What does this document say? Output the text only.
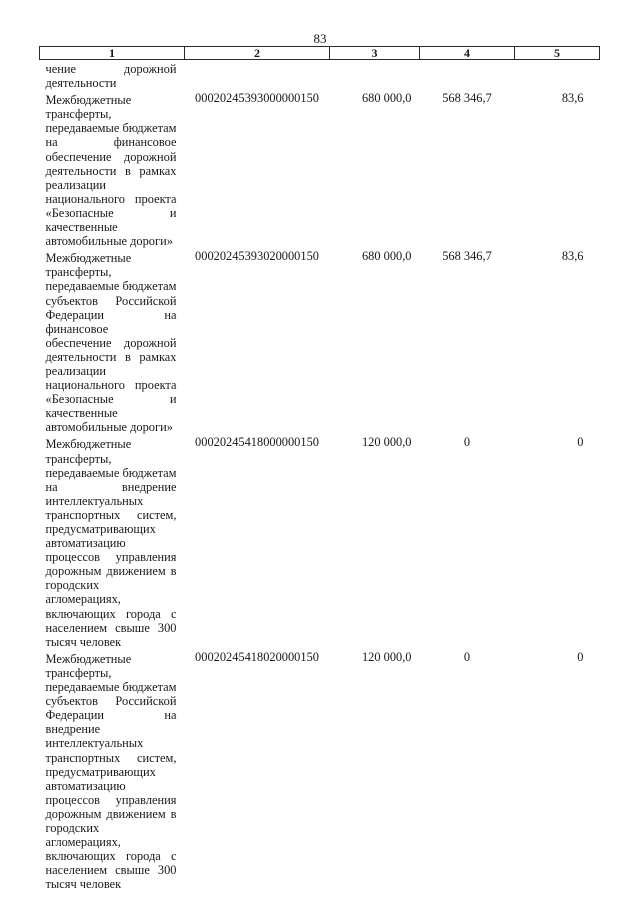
83
1	2	3	4	5
чение дорожной деятельности				
Межбюджетные трансферты, передаваемые бюджетам на финансовое обеспечение дорожной деятельности в рамках реализации национального проекта «Безопасные и качественные автомобильные дороги»	00020245393000000150	680 000,0	568 346,7	83,6
Межбюджетные трансферты, передаваемые бюджетам субъектов Российской Федерации на финансовое обеспечение дорожной деятельности в рамках реализации национального проекта «Безопасные и качественные автомобильные дороги»	00020245393020000150	680 000,0	568 346,7	83,6
Межбюджетные трансферты, передаваемые бюджетам на внедрение интеллектуальных транспортных систем, предусматривающих автоматизацию процессов управления дорожным движением в городских агломерациях, включающих города с населением свыше 300 тысяч человек	00020245418000000150	120 000,0	0	0
Межбюджетные трансферты, передаваемые бюджетам субъектов Российской Федерации на внедрение интеллектуальных транспортных систем, предусматривающих автоматизацию процессов управления дорожным движением в городских агломерациях, включающих города с населением свыше 300 тысяч человек	00020245418020000150	120 000,0	0	0
